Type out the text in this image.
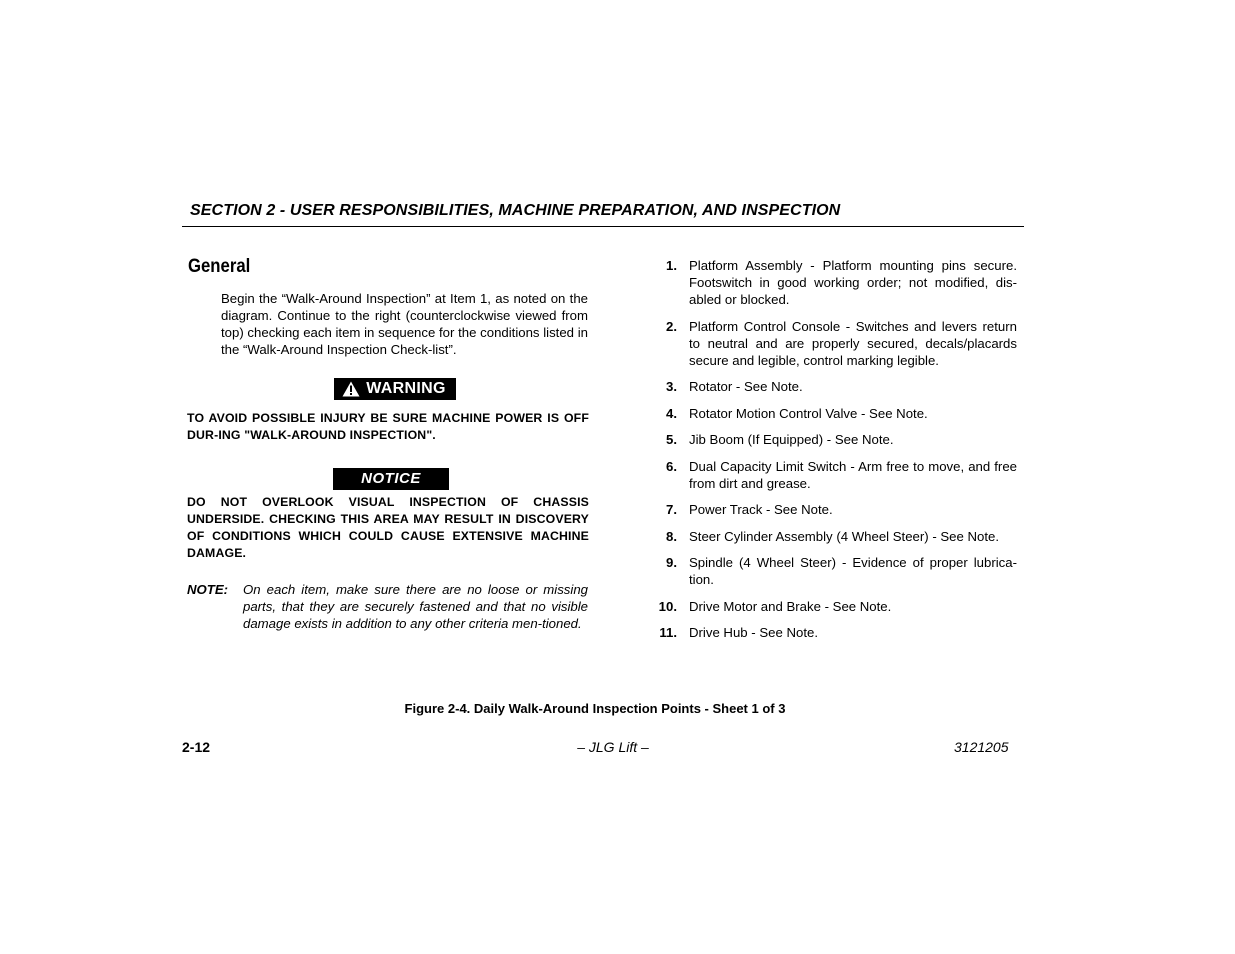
SECTION 2 - USER RESPONSIBILITIES, MACHINE PREPARATION, AND INSPECTION
General

Begin the “Walk-Around Inspection” at Item 1, as noted on the diagram. Continue to the right (counterclockwise viewed from top) checking each item in sequence for the conditions listed in the “Walk-Around Inspection Check-list”.

WARNING
TO AVOID POSSIBLE INJURY BE SURE MACHINE POWER IS OFF DUR-ING "WALK-AROUND INSPECTION".
NOTICE
DO NOT OVERLOOK VISUAL INSPECTION OF CHASSIS UNDERSIDE. CHECKING THIS AREA MAY RESULT IN DISCOVERY OF CONDITIONS WHICH COULD CAUSE EXTENSIVE MACHINE DAMAGE.
NOTE:	On each item, make sure there are no loose or missing parts, that they are securely fastened and that no visible damage exists in addition to any other criteria men-tioned.
1. Platform Assembly - Platform mounting pins secure. Footswitch in good working order; not modified, dis-abled or blocked.
2. Platform Control Console - Switches and levers return to neutral and are properly secured, decals/placards secure and legible, control marking legible.
3. Rotator - See Note.
4. Rotator Motion Control Valve - See Note.
5. Jib Boom (If Equipped) - See Note.
6. Dual Capacity Limit Switch - Arm free to move, and free from dirt and grease.
7. Power Track - See Note.
8. Steer Cylinder Assembly (4 Wheel Steer) - See Note.
9. Spindle (4 Wheel Steer) - Evidence of proper lubrica-tion.
10. Drive Motor and Brake - See Note.
11. Drive Hub - See Note.
Figure 2-4. Daily Walk-Around Inspection Points - Sheet 1 of 3
2-12	– JLG Lift –	3121205
